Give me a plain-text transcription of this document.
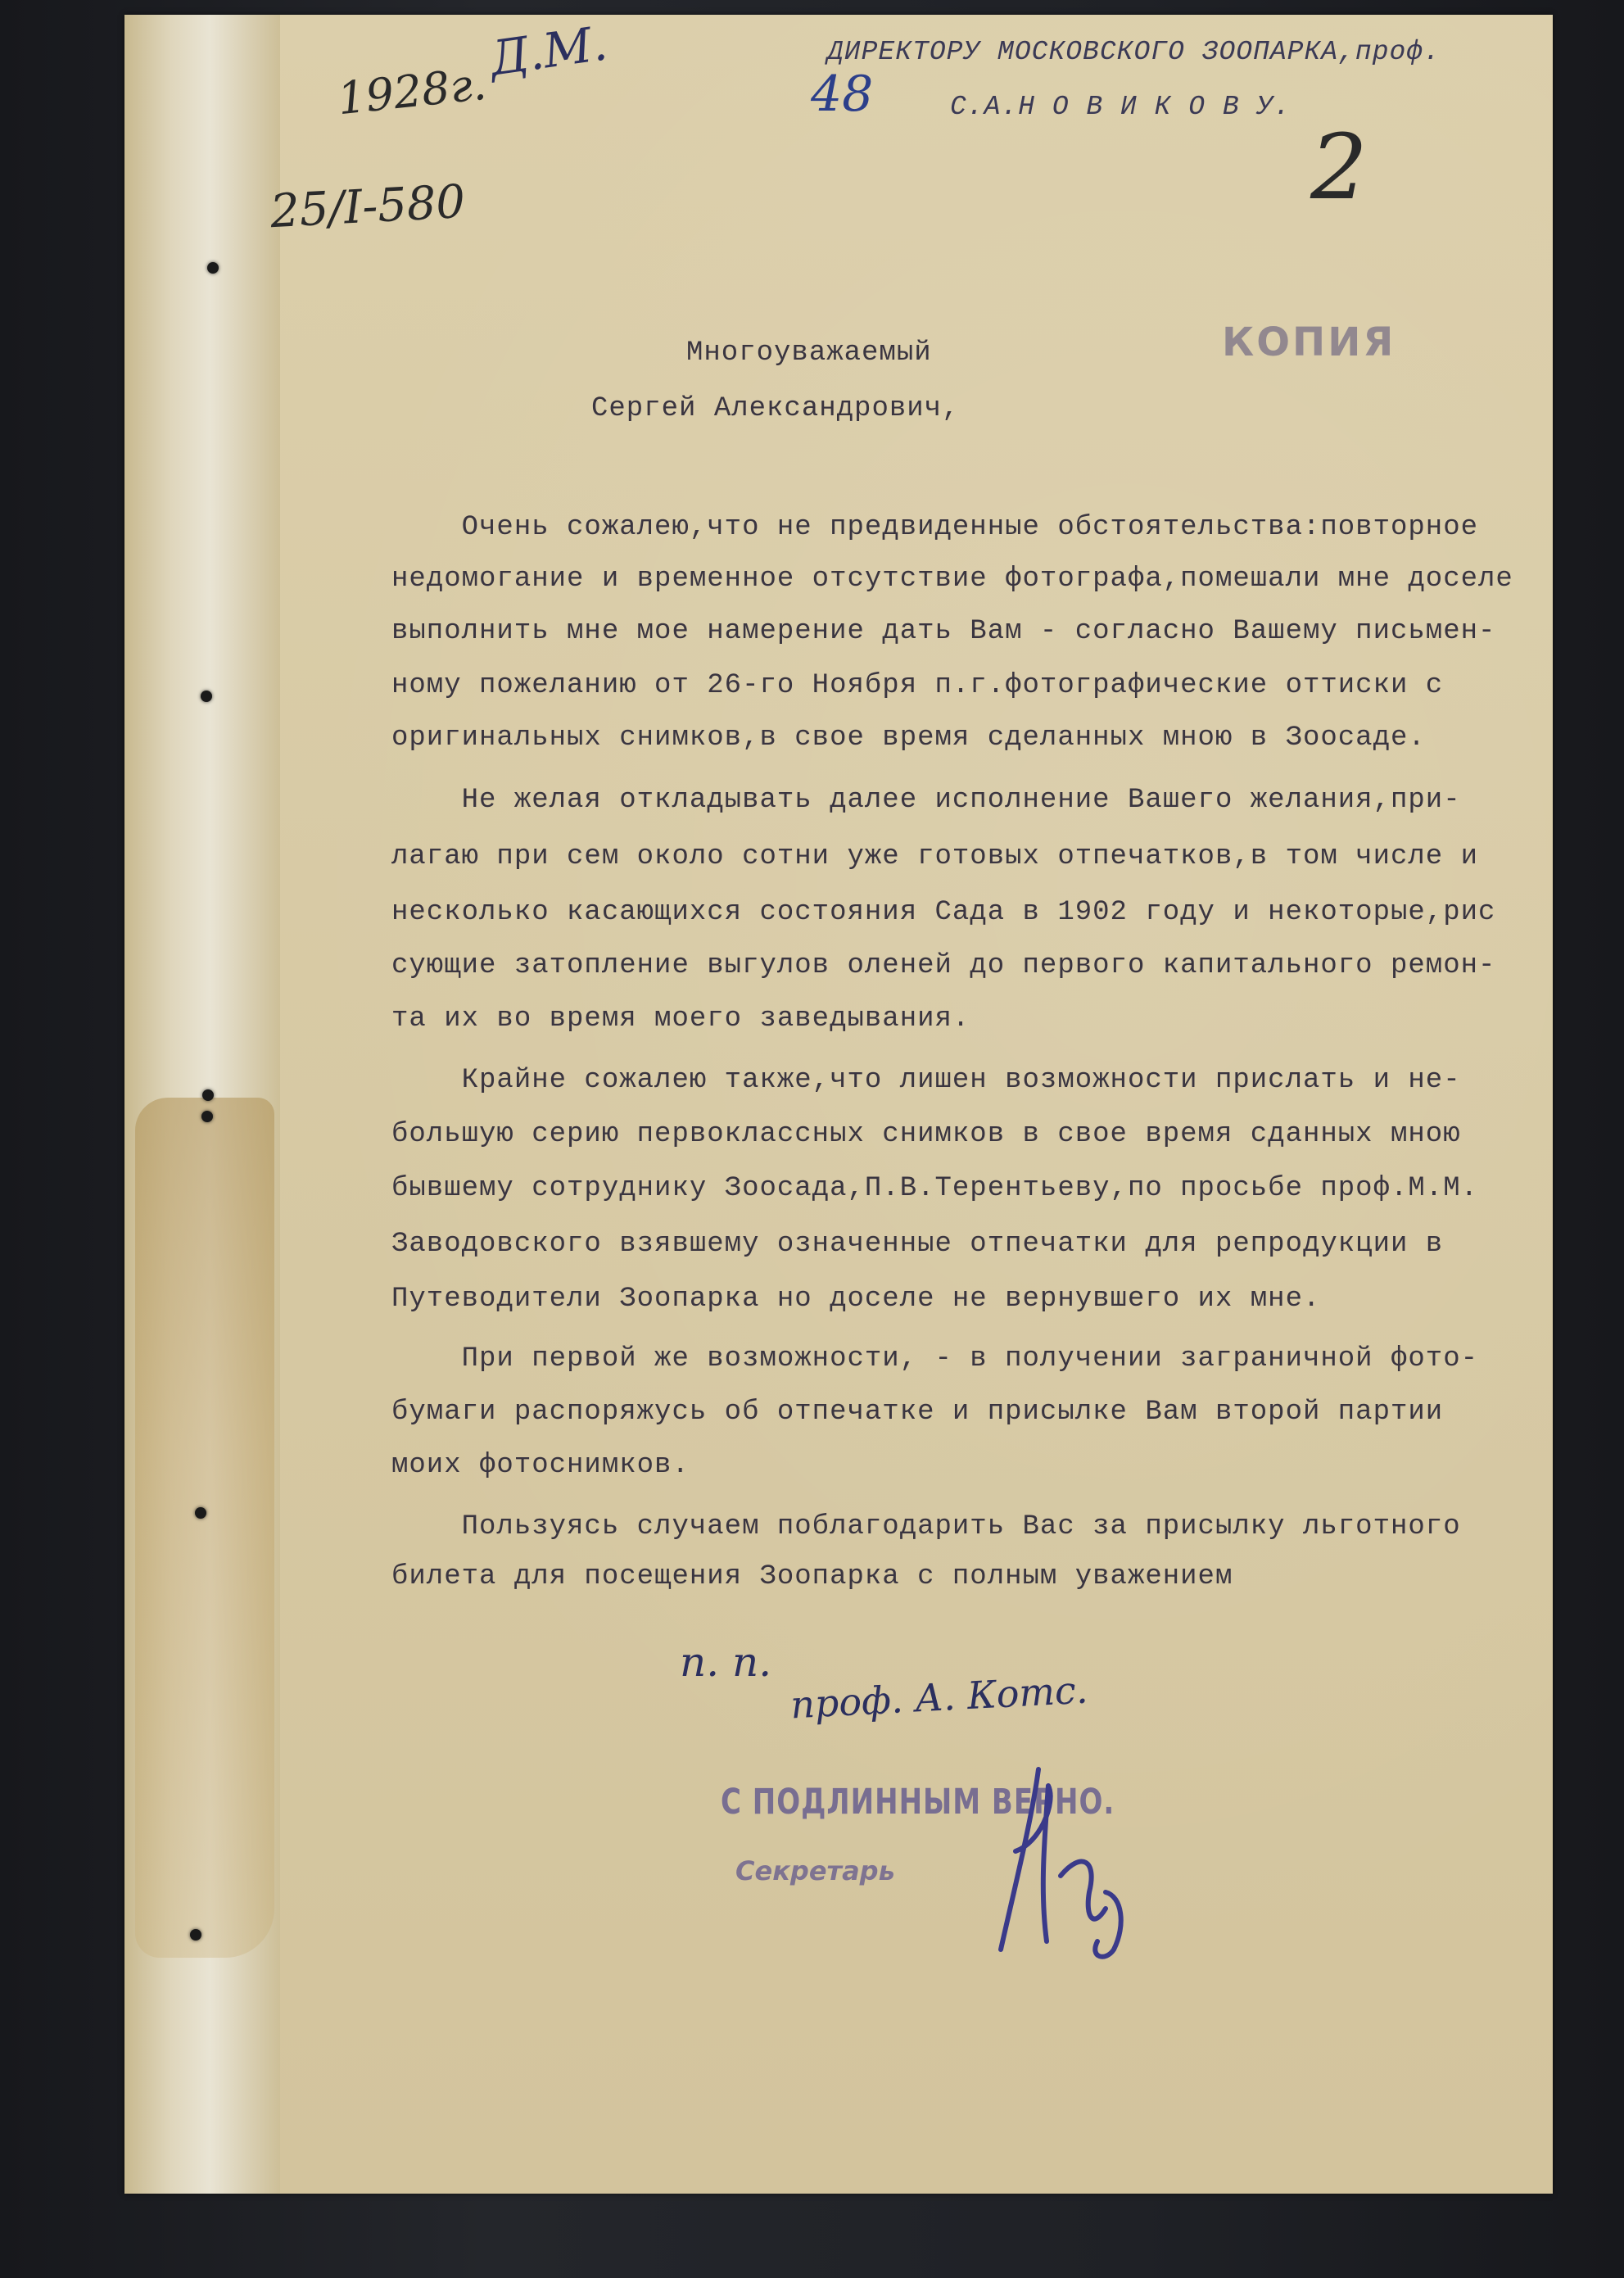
Д.М.
1928г.
25/I-580
48
2
ДИРЕКТОРУ МОСКОВСКОГО ЗООПАРКА,проф.
С.А.Н О В И К О В У.
КОПИЯ
Многоуважаемый
Сергей Александрович,
Очень сожалею,что не предвиденные обстоятельства:повторное
недомогание и временное отсутствие фотографа,помешали мне доселе
выполнить мне мое намерение дать Вам - согласно Вашему письмен-
ному пожеланию от 26-го Ноября п.г.фотографические оттиски с
оригинальных снимков,в свое время сделанных мною в Зоосаде.
Не желая откладывать далее исполнение Вашего желания,при-
лагаю при сем около сотни уже готовых отпечатков,в том числе и
несколько касающихся состояния Сада в 1902 году и некоторые,рис
сующие затопление выгулов оленей до первого капитального ремон-
та их во время моего заведывания.
Крайне сожалею также,что лишен возможности прислать и не-
большую серию первоклассных снимков в свое время сданных мною
бывшему сотруднику Зоосада,П.В.Терентьеву,по просьбе проф.М.М.
Заводовского взявшему означенные отпечатки для репродукции в
Путеводители Зоопарка но доселе не вернувшего их мне.
При первой же возможности, - в получении заграничной фото-
бумаги распоряжусь об отпечатке и присылке Вам второй партии
моих фотоснимков.
Пользуясь случаем поблагодарить Вас за присылку льготного
билета для посещения Зоопарка с полным уважением
п. п.
проф. А. Котс.
С ПОДЛИННЫМ ВЕРНО.
Секретарь
